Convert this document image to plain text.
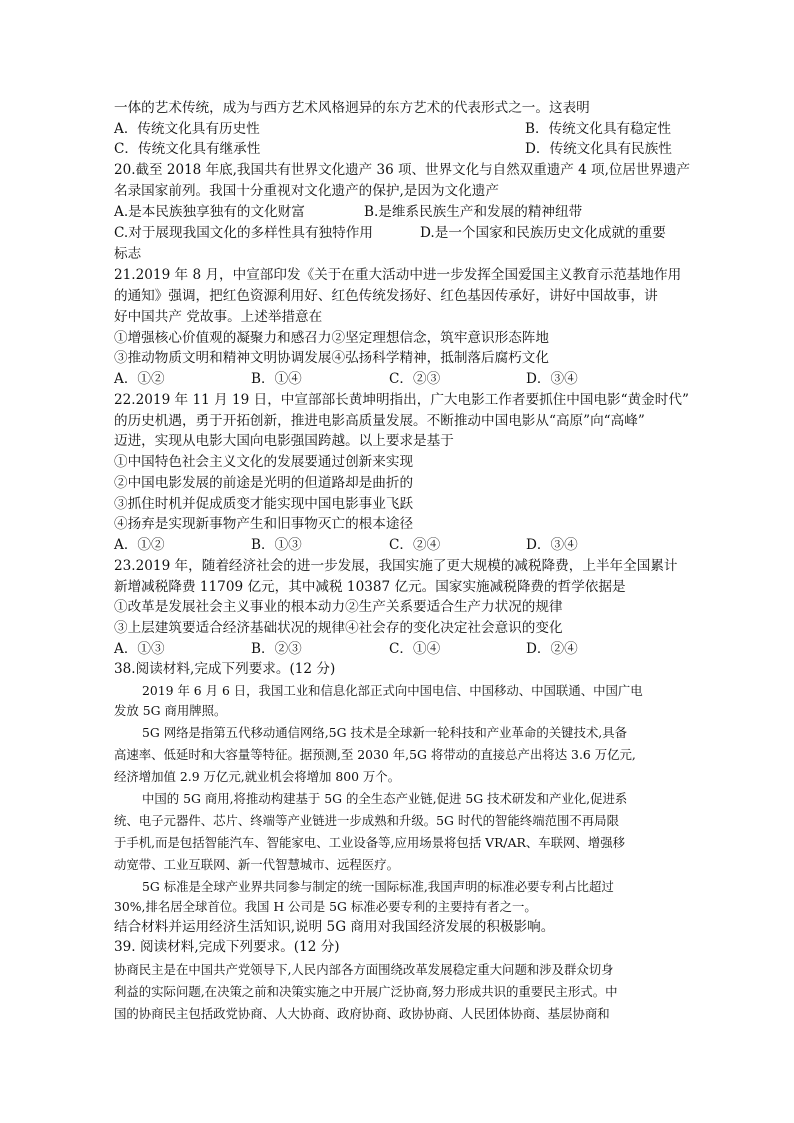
一体的艺术传统，成为与西方艺术风格迥异的东方艺术的代表形式之一。这表明
A．传统文化具有历史性	B．传统文化具有稳定性
C．传统文化具有继承性	D．传统文化具有民族性
20.截至 2018 年底,我国共有世界文化遗产 36 项、世界文化与自然双重遗产 4 项,位居世界遗产
名录国家前列。我国十分重视对文化遗产的保护,是因为文化遗产
A.是本民族独享独有的文化财富	B.是维系民族生产和发展的精神纽带
C.对于展现我国文化的多样性具有独特作用	D.是一个国家和民族历史文化成就的重要
标志
21.2019 年 8 月，中宣部印发《关于在重大活动中进一步发挥全国爱国主义教育示范基地作用
的通知》强调，把红色资源利用好、红色传统发扬好、红色基因传承好，讲好中国故事，讲
好中国共产 党故事。上述举措意在
①增强核心价值观的凝聚力和感召力②坚定理想信念，筑牢意识形态阵地
③推动物质文明和精神文明协调发展④弘扬科学精神，抵制落后腐朽文化
A．①②	B．①④	C．②③	D．③④
22.2019 年 11 月 19 日，中宣部部长黄坤明指出，广大电影工作者要抓住中国电影“黄金时代”
的历史机遇，勇于开拓创新，推进电影高质量发展。不断推动中国电影从“高原”向“高峰”
迈进，实现从电影大国向电影强国跨越。以上要求是基于
①中国特色社会主义文化的发展要通过创新来实现
②中国电影发展的前途是光明的但道路却是曲折的
③抓住时机并促成质变才能实现中国电影事业飞跃
④扬弃是实现新事物产生和旧事物灭亡的根本途径
A．①②	B．①③	C．②④	D．③④
23.2019 年，随着经济社会的进一步发展，我国实施了更大规模的减税降费，上半年全国累计
新增减税降费 11709 亿元，其中减税 10387 亿元。国家实施减税降费的哲学依据是
①改革是发展社会主义事业的根本动力②生产关系要适合生产力状况的规律
③上层建筑要适合经济基础状况的规律④社会存的变化决定社会意识的变化
A．①③	B．②③	C．①④	D．②④
38.阅读材料,完成下列要求。(12 分)
2019 年 6 月 6 日，我国工业和信息化部正式向中国电信、中国移动、中国联通、中国广电
发放 5G 商用牌照。
5G 网络是指第五代移动通信网络,5G 技术是全球新一轮科技和产业革命的关键技术,具备
高速率、低延时和大容量等特征。据预测,至 2030 年,5G 将带动的直接总产出将达 3.6 万亿元,
经济增加值 2.9 万亿元,就业机会将增加 800 万个。
中国的 5G 商用,将推动构建基于 5G 的全生态产业链,促进 5G 技术研发和产业化,促进系
统、电子元器件、芯片、终端等产业链进一步成熟和升级。5G 时代的智能终端范围不再局限
于手机,而是包括智能汽车、智能家电、工业设备等,应用场景将包括 VR/AR、车联网、增强移
动宽带、工业互联网、新一代智慧城市、远程医疗。
5G 标准是全球产业界共同参与制定的统一国际标准,我国声明的标准必要专利占比超过
30%,排名居全球首位。我国 H 公司是 5G 标准必要专利的主要持有者之一。
结合材料并运用经济生活知识,说明 5G 商用对我国经济发展的积极影响。
39. 阅读材料,完成下列要求。(12 分)
协商民主是在中国共产党领导下,人民内部各方面围绕改革发展稳定重大问题和涉及群众切身
利益的实际问题,在决策之前和决策实施之中开展广泛协商,努力形成共识的重要民主形式。中
国的协商民主包括政党协商、人大协商、政府协商、政协协商、人民团体协商、基层协商和
